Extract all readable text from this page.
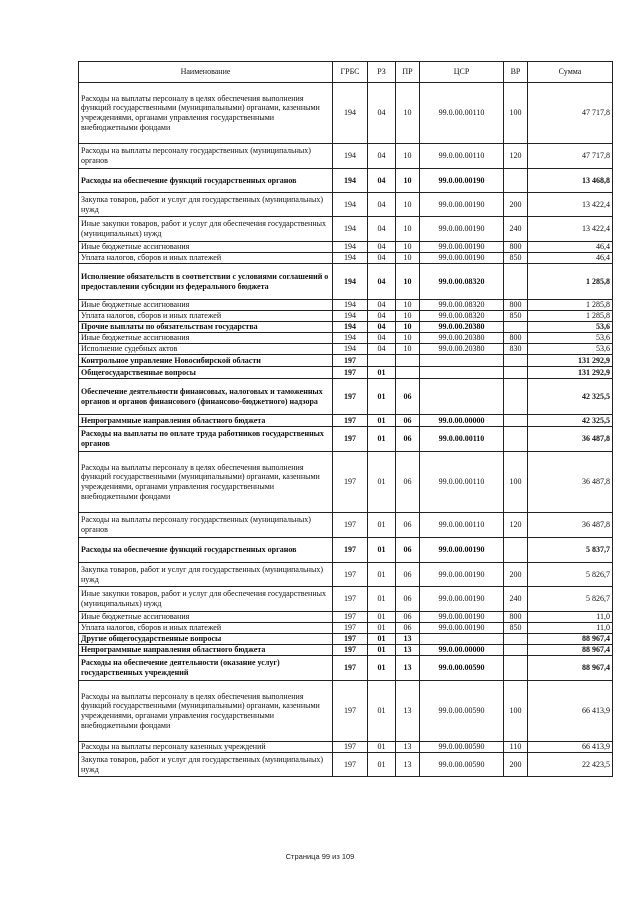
Наименование	ГРБС	РЗ	ПР	ЦСР	ВР	Сумма
Расходы на выплаты персоналу в целях обеспечения выполнения функций государственными (муниципальными) органами, казенными учреждениями, органами управления государственными внебюджетными фондами	194	04	10	99.0.00.00110	100	47 717,8
Расходы на выплаты персоналу государственных (муниципальных) органов	194	04	10	99.0.00.00110	120	47 717,8
Расходы на обеспечение функций государственных органов	194	04	10	99.0.00.00190		13 468,8
Закупка товаров, работ и услуг для государственных (муниципальных) нужд	194	04	10	99.0.00.00190	200	13 422,4
Иные закупки товаров, работ и услуг для обеспечения государственных (муниципальных) нужд	194	04	10	99.0.00.00190	240	13 422,4
Иные бюджетные ассигнования	194	04	10	99.0.00.00190	800	46,4
Уплата налогов, сборов и иных платежей	194	04	10	99.0.00.00190	850	46,4
Исполнение обязательств в соответствии с условиями соглашений о предоставлении субсидии из федерального бюджета	194	04	10	99.0.00.08320		1 285,8
Иные бюджетные ассигнования	194	04	10	99.0.00.08320	800	1 285,8
Уплата налогов, сборов и иных платежей	194	04	10	99.0.00.08320	850	1 285,8
Прочие выплаты по обязательствам государства	194	04	10	99.0.00.20380		53,6
Иные бюджетные ассигнования	194	04	10	99.0.00.20380	800	53,6
Исполнение судебных актов	194	04	10	99.0.00.20380	830	53,6
Контрольное управление Новосибирской области	197					131 292,9
Общегосударственные вопросы	197	01				131 292,9
Обеспечение деятельности финансовых, налоговых и таможенных органов и органов финансового (финансово-бюджетного) надзора	197	01	06			42 325,5
Непрограммные направления областного бюджета	197	01	06	99.0.00.00000		42 325,5
Расходы на выплаты по оплате труда работников государственных органов	197	01	06	99.0.00.00110		36 487,8
Расходы на выплаты персоналу в целях обеспечения выполнения функций государственными (муниципальными) органами, казенными учреждениями, органами управления государственными внебюджетными фондами	197	01	06	99.0.00.00110	100	36 487,8
Расходы на выплаты персоналу государственных (муниципальных) органов	197	01	06	99.0.00.00110	120	36 487,8
Расходы на обеспечение функций государственных органов	197	01	06	99.0.00.00190		5 837,7
Закупка товаров, работ и услуг для государственных (муниципальных) нужд	197	01	06	99.0.00.00190	200	5 826,7
Иные закупки товаров, работ и услуг для обеспечения государственных (муниципальных) нужд	197	01	06	99.0.00.00190	240	5 826,7
Иные бюджетные ассигнования	197	01	06	99.0.00.00190	800	11,0
Уплата налогов, сборов и иных платежей	197	01	06	99.0.00.00190	850	11,0
Другие общегосударственные вопросы	197	01	13			88 967,4
Непрограммные направления областного бюджета	197	01	13	99.0.00.00000		88 967,4
Расходы на обеспечение деятельности (оказание услуг) государственных учреждений	197	01	13	99.0.00.00590		88 967,4
Расходы на выплаты персоналу в целях обеспечения выполнения функций государственными (муниципальными) органами, казенными учреждениями, органами управления государственными внебюджетными фондами	197	01	13	99.0.00.00590	100	66 413,9
Расходы на выплаты персоналу казенных учреждений	197	01	13	99.0.00.00590	110	66 413,9
Закупка товаров, работ и услуг для государственных (муниципальных) нужд	197	01	13	99.0.00.00590	200	22 423,5
Страница 99 из 109
